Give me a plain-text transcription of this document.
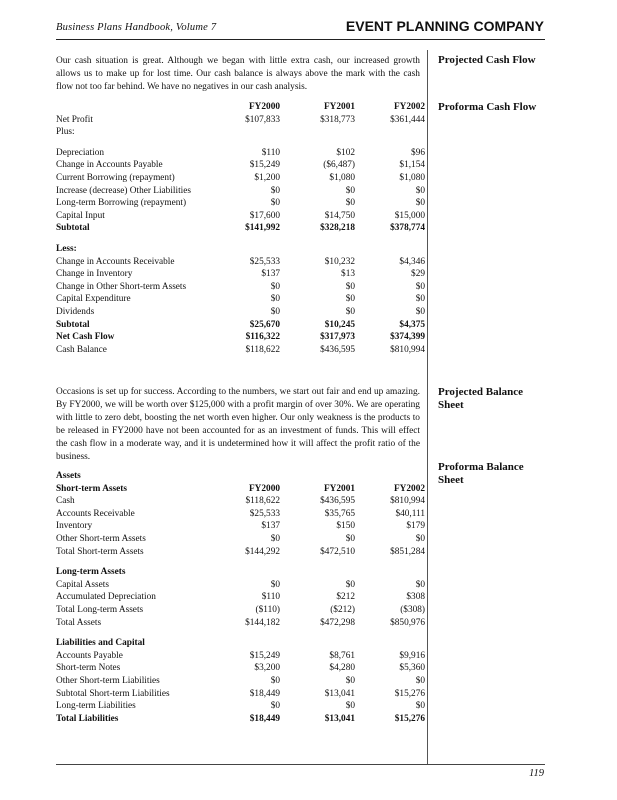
Business Plans Handbook, Volume 7	EVENT PLANNING COMPANY
Projected Cash Flow
Proforma Cash Flow
Projected Balance Sheet
Proforma Balance Sheet
Our cash situation is great. Although we began with little extra cash, our increased growth allows us to make up for lost time. Our cash balance is always above the mark with the cash flow not too far behind. We have no negatives in our cash analysis.
	FY2000	FY2001	FY2002
Net Profit	$107,833	$318,773	$361,444
Plus:			

Depreciation	$110	$102	$96
Change in Accounts Payable	$15,249	($6,487)	$1,154
Current Borrowing (repayment)	$1,200	$1,080	$1,080
Increase (decrease) Other Liabilities	$0	$0	$0
Long-term Borrowing (repayment)	$0	$0	$0
Capital Input	$17,600	$14,750	$15,000
Subtotal	$141,992	$328,218	$378,774

Less:			
Change in Accounts Receivable	$25,533	$10,232	$4,346
Change in Inventory	$137	$13	$29
Change in Other Short-term Assets	$0	$0	$0
Capital Expenditure	$0	$0	$0
Dividends	$0	$0	$0
Subtotal	$25,670	$10,245	$4,375
Net Cash Flow	$116,322	$317,973	$374,399
Cash Balance	$118,622	$436,595	$810,994
Occasions is set up for success. According to the numbers, we start out fair and end up amazing. By FY2000, we will be worth over $125,000 with a profit margin of over 30%. We are operating with little to zero debt, boosting the net worth even higher. Our only weakness is the products to be released in FY2000 have not been accounted for as an investment of funds. This will effect the cash flow in a moderate way, and it is undetermined how it will affect the profit ratio of the business.
Assets			
Short-term Assets	FY2000	FY2001	FY2002
Cash	$118,622	$436,595	$810,994
Accounts Receivable	$25,533	$35,765	$40,111
Inventory	$137	$150	$179
Other Short-term Assets	$0	$0	$0
Total Short-term Assets	$144,292	$472,510	$851,284

Long-term Assets			
Capital Assets	$0	$0	$0
Accumulated Depreciation	$110	$212	$308
Total Long-term Assets	($110)	($212)	($308)
Total Assets	$144,182	$472,298	$850,976

Liabilities and Capital			
Accounts Payable	$15,249	$8,761	$9,916
Short-term Notes	$3,200	$4,280	$5,360
Other Short-term Liabilities	$0	$0	$0
Subtotal Short-term Liabilities	$18,449	$13,041	$15,276
Long-term Liabilities	$0	$0	$0
Total Liabilities	$18,449	$13,041	$15,276
119
